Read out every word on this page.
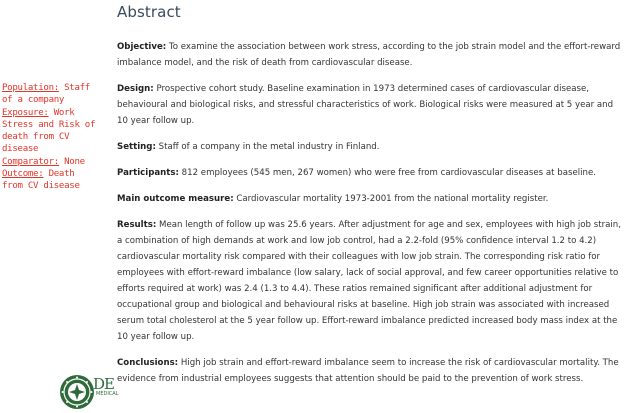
Abstract

Objective: To examine the association between work stress, according to the job strain model and the effort-reward imbalance model, and the risk of death from cardiovascular disease.

Design: Prospective cohort study. Baseline examination in 1973 determined cases of cardiovascular disease, behavioural and biological risks, and stressful characteristics of work. Biological risks were measured at 5 year and 10 year follow up.

Setting: Staff of a company in the metal industry in Finland.

Participants: 812 employees (545 men, 267 women) who were free from cardiovascular diseases at baseline.

Main outcome measure: Cardiovascular mortality 1973-2001 from the national mortality register.

Results: Mean length of follow up was 25.6 years. After adjustment for age and sex, employees with high job strain, a combination of high demands at work and low job control, had a 2.2-fold (95% confidence interval 1.2 to 4.2) cardiovascular mortality risk compared with their colleagues with low job strain. The corresponding risk ratio for employees with effort-reward imbalance (low salary, lack of social approval, and few career opportunities relative to efforts required at work) was 2.4 (1.3 to 4.4). These ratios remained significant after additional adjustment for occupational group and biological and behavioural risks at baseline. High job strain was associated with increased serum total cholesterol at the 5 year follow up. Effort-reward imbalance predicted increased body mass index at the 10 year follow up.

Conclusions: High job strain and effort-reward imbalance seem to increase the risk of cardiovascular mortality. The evidence from industrial employees suggests that attention should be paid to the prevention of work stress.

Population: Staff
of a company
Exposure: Work
Stress and Risk of
death from CV
disease
Comparator: None
Outcome: Death
from CV disease
DE
MEDICAL
